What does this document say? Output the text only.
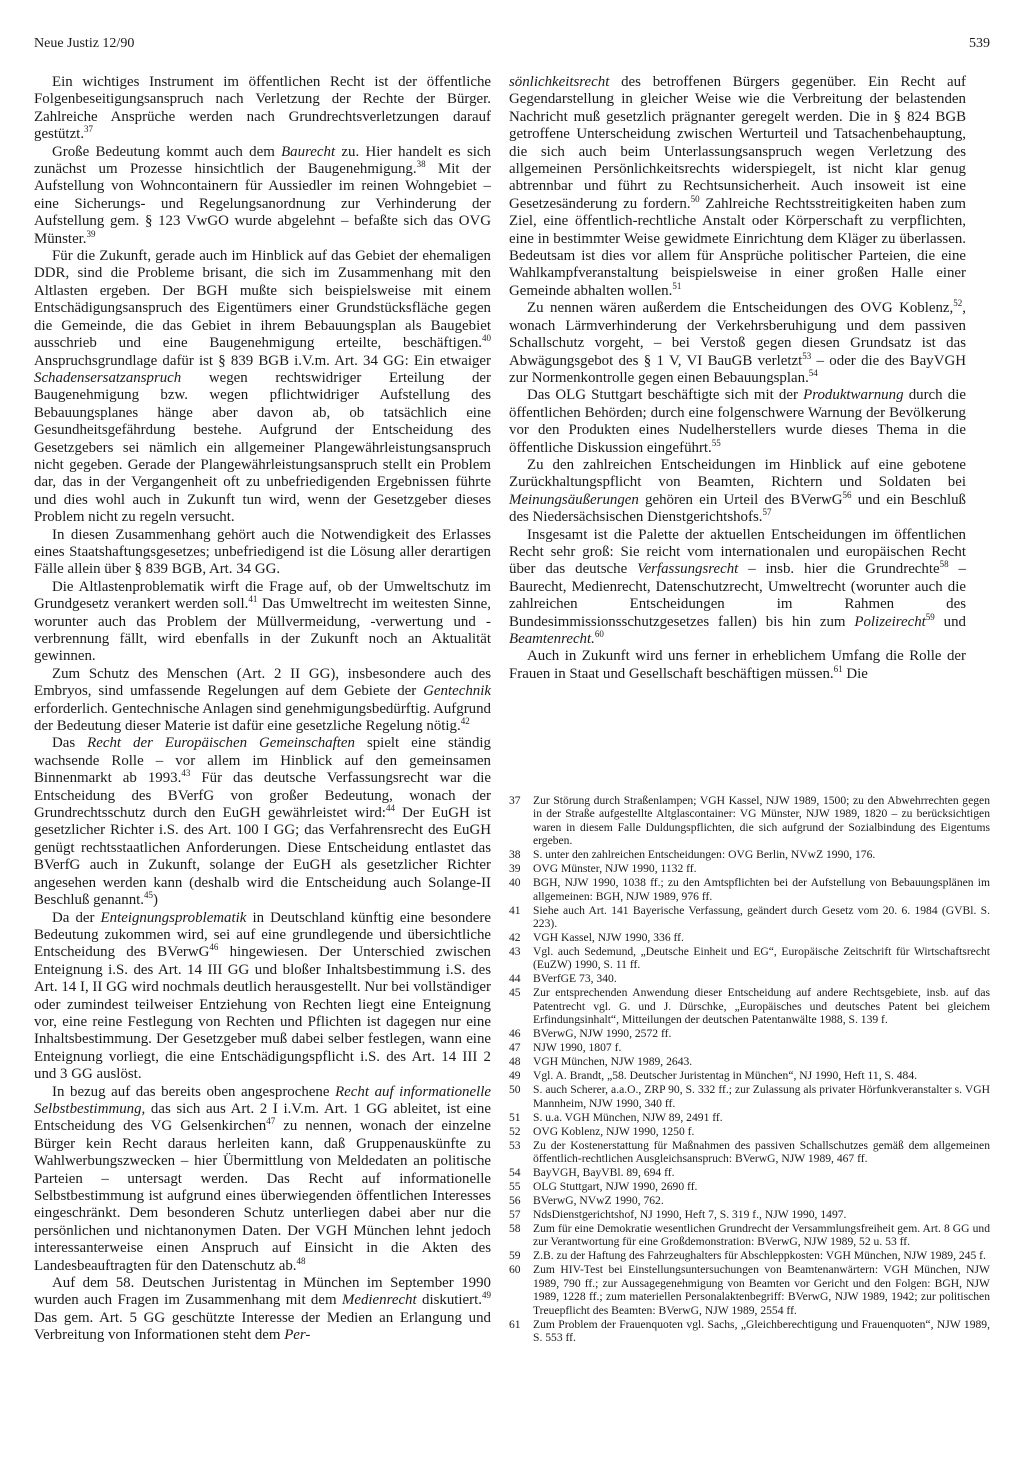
Neue Justiz 12/90	539

Ein wichtiges Instrument im öffentlichen Recht ist der öffentliche Folgenbeseitigungsanspruch nach Verletzung der Rechte der Bürger. Zahlreiche Ansprüche werden nach Grundrechtsverletzungen darauf gestützt.$^{37}$

Große Bedeutung kommt auch dem Baurecht zu. Hier handelt es sich zunächst um Prozesse hinsichtlich der Baugenehmigung.$^{38}$ Mit der Aufstellung von Wohncontainern für Aussiedler im reinen Wohngebiet – eine Sicherungs- und Regelungsanordnung zur Verhinderung der Aufstellung gem. § 123 VwGO wurde abgelehnt – befaßte sich das OVG Münster.$^{39}$

Für die Zukunft, gerade auch im Hinblick auf das Gebiet der ehemaligen DDR, sind die Probleme brisant, die sich im Zusammenhang mit den Altlasten ergeben. Der BGH mußte sich beispielsweise mit einem Entschädigungsanspruch des Eigentümers einer Grundstücksfläche gegen die Gemeinde, die das Gebiet in ihrem Bebauungsplan als Baugebiet ausschrieb und eine Baugenehmigung erteilte, beschäftigen.$^{40}$ Anspruchsgrundlage dafür ist § 839 BGB i.V.m. Art. 34 GG: Ein etwaiger Schadensersatzanspruch wegen rechtswidriger Erteilung der Baugenehmigung bzw. wegen pflichtwidriger Aufstellung des Bebauungsplanes hänge aber davon ab, ob tatsächlich eine Gesundheitsgefährdung bestehe. Aufgrund der Entscheidung des Gesetzgebers sei nämlich ein allgemeiner Plangewährleistungsanspruch nicht gegeben. Gerade der Plangewährleistungsanspruch stellt ein Problem dar, das in der Vergangenheit oft zu unbefriedigenden Ergebnissen führte und dies wohl auch in Zukunft tun wird, wenn der Gesetzgeber dieses Problem nicht zu regeln versucht.

In diesen Zusammenhang gehört auch die Notwendigkeit des Erlasses eines Staatshaftungsgesetzes; unbefriedigend ist die Lösung aller derartigen Fälle allein über § 839 BGB, Art. 34 GG.

Die Altlastenproblematik wirft die Frage auf, ob der Umweltschutz im Grundgesetz verankert werden soll.$^{41}$ Das Umweltrecht im weitesten Sinne, worunter auch das Problem der Müllvermeidung, -verwertung und -verbrennung fällt, wird ebenfalls in der Zukunft noch an Aktualität gewinnen.

Zum Schutz des Menschen (Art. 2 II GG), insbesondere auch des Embryos, sind umfassende Regelungen auf dem Gebiete der Gentechnik erforderlich. Gentechnische Anlagen sind genehmigungsbedürftig. Aufgrund der Bedeutung dieser Materie ist dafür eine gesetzliche Regelung nötig.$^{42}$

Das Recht der Europäischen Gemeinschaften spielt eine ständig wachsende Rolle – vor allem im Hinblick auf den gemeinsamen Binnenmarkt ab 1993.43 Für das deutsche Verfassungsrecht war die Entscheidung des BVerfG von großer Bedeutung, wonach der Grundrechtsschutz durch den EuGH gewährleistet wird:$^{44}$ Der EuGH ist gesetzlicher Richter i.S. des Art. 100 I GG; das Verfahrensrecht des EuGH genügt rechtsstaatlichen Anforderungen. Diese Entscheidung entlastet das BVerfG auch in Zukunft, solange der EuGH als gesetzlicher Richter angesehen werden kann (deshalb wird die Entscheidung auch Solange-II Beschluß genannt.$^{45}$)

Da der Enteignungsproblematik in Deutschland künftig eine besondere Bedeutung zukommen wird, sei auf eine grundlegende und übersichtliche Entscheidung des BVerwG$^{46}$ hingewiesen. Der Unterschied zwischen Enteignung i.S. des Art. 14 III GG und bloßer Inhaltsbestimmung i.S. des Art. 14 I, II GG wird nochmals deutlich herausgestellt. Nur bei vollständiger oder zumindest teilweiser Entziehung von Rechten liegt eine Enteignung vor, eine reine Festlegung von Rechten und Pflichten ist dagegen nur eine Inhaltsbestimmung. Der Gesetzgeber muß dabei selber festlegen, wann eine Enteignung vorliegt, die eine Entschädigungspflicht i.S. des Art. 14 III 2 und 3 GG auslöst.

In bezug auf das bereits oben angesprochene Recht auf informationelle Selbstbestimmung, das sich aus Art. 2 I i.V.m. Art. 1 GG ableitet, ist eine Entscheidung des VG Gelsenkirchen$^{47}$ zu nennen, wonach der einzelne Bürger kein Recht daraus herleiten kann, daß Gruppenauskünfte zu Wahlwerbungszwecken – hier Übermittlung von Meldedaten an politische Parteien – untersagt werden. Das Recht auf informationelle Selbstbestimmung ist aufgrund eines überwiegenden öffentlichen Interesses eingeschränkt. Dem besonderen Schutz unterliegen dabei aber nur die persönlichen und nichtanonymen Daten. Der VGH München lehnt jedoch interessanterweise einen Anspruch auf Einsicht in die Akten des Landesbeauftragten für den Datenschutz ab.$^{48}$

Auf dem 58. Deutschen Juristentag in München im September 1990 wurden auch Fragen im Zusammenhang mit dem Medienrecht diskutiert.$^{49}$ Das gem. Art. 5 GG geschützte Interesse der Medien an Erlangung und Verbreitung von Informationen steht dem Per-

sönlichkeitsrecht des betroffenen Bürgers gegenüber. Ein Recht auf Gegendarstellung in gleicher Weise wie die Verbreitung der belastenden Nachricht muß gesetzlich prägnanter geregelt werden. Die in § 824 BGB getroffene Unterscheidung zwischen Werturteil und Tatsachenbehauptung, die sich auch beim Unterlassungsanspruch wegen Verletzung des allgemeinen Persönlichkeitsrechts widerspiegelt, ist nicht klar genug abtrennbar und führt zu Rechtsunsicherheit. Auch insoweit ist eine Gesetzesänderung zu fordern.$^{50}$ Zahlreiche Rechtsstreitigkeiten haben zum Ziel, eine öffentlich-rechtliche Anstalt oder Körperschaft zu verpflichten, eine in bestimmter Weise gewidmete Einrichtung dem Kläger zu überlassen. Bedeutsam ist dies vor allem für Ansprüche politischer Parteien, die eine Wahlkampfveranstaltung beispielsweise in einer großen Halle einer Gemeinde abhalten wollen.$^{51}$

Zu nennen wären außerdem die Entscheidungen des OVG Koblenz,$^{52}$, wonach Lärmverhinderung der Verkehrsberuhigung und dem passiven Schallschutz vorgeht, – bei Verstoß gegen diesen Grundsatz ist das Abwägungsgebot des § 1 V, VI BauGB verletzt$^{53}$ – oder die des BayVGH zur Normenkontrolle gegen einen Bebauungsplan.$^{54}$

Das OLG Stuttgart beschäftigte sich mit der Produktwarnung durch die öffentlichen Behörden; durch eine folgenschwere Warnung der Bevölkerung vor den Produkten eines Nudelherstellers wurde dieses Thema in die öffentliche Diskussion eingeführt.$^{55}$

Zu den zahlreichen Entscheidungen im Hinblick auf eine gebotene Zurückhaltungspflicht von Beamten, Richtern und Soldaten bei Meinungsäußerungen gehören ein Urteil des BVerwG$^{56}$ und ein Beschluß des Niedersächsischen Dienstgerichtshofs.$^{57}$

Insgesamt ist die Palette der aktuellen Entscheidungen im öffentlichen Recht sehr groß: Sie reicht vom internationalen und europäischen Recht über das deutsche Verfassungsrecht – insb. hier die Grundrechte$^{58}$ – Baurecht, Medienrecht, Datenschutzrecht, Umweltrecht (worunter auch die zahlreichen Entscheidungen im Rahmen des Bundesimmissionsschutzgesetzes fallen) bis hin zum Polizeirecht$^{59}$ und Beamtenrecht.$^{60}$

Auch in Zukunft wird uns ferner in erheblichem Umfang die Rolle der Frauen in Staat und Gesellschaft beschäftigen müssen.$^{61}$ Die

37	Zur Störung durch Straßenlampen; VGH Kassel, NJW 1989, 1500; zu den Abwehrrechten gegen in der Straße aufgestellte Altglascontainer: VG Münster, NJW 1989, 1820 – zu berücksichtigen waren in diesem Falle Duldungspflichten, die sich aufgrund der Sozialbindung des Eigentums ergeben.
38	S. unter den zahlreichen Entscheidungen: OVG Berlin, NVwZ 1990, 176.
39	OVG Münster, NJW 1990, 1132 ff.
40	BGH, NJW 1990, 1038 ff.; zu den Amtspflichten bei der Aufstellung von Bebauungsplänen im allgemeinen: BGH, NJW 1989, 976 ff.
41	Siehe auch Art. 141 Bayerische Verfassung, geändert durch Gesetz vom 20. 6. 1984 (GVBl. S. 223).
42	VGH Kassel, NJW 1990, 336 ff.
43	Vgl. auch Sedemund, „Deutsche Einheit und EG“, Europäische Zeitschrift für Wirtschaftsrecht (EuZW) 1990, S. 11 ff.
44	BVerfGE 73, 340.
45	Zur entsprechenden Anwendung dieser Entscheidung auf andere Rechtsgebiete, insb. auf das Patentrecht vgl. G. und J. Dürschke, „Europäisches und deutsches Patent bei gleichem Erfindungsinhalt“, Mitteilungen der deutschen Patentanwälte 1988, S. 139 f.
46	BVerwG, NJW 1990, 2572 ff.
47	NJW 1990, 1807 f.
48	VGH München, NJW 1989, 2643.
49	Vgl. A. Brandt, „58. Deutscher Juristentag in München“, NJ 1990, Heft 11, S. 484.
50	S. auch Scherer, a.a.O., ZRP 90, S. 332 ff.; zur Zulassung als privater Hörfunkveranstalter s. VGH Mannheim, NJW 1990, 340 ff.
51	S. u.a. VGH München, NJW 89, 2491 ff.
52	OVG Koblenz, NJW 1990, 1250 f.
53	Zu der Kostenerstattung für Maßnahmen des passiven Schallschutzes gemäß dem allgemeinen öffentlich-rechtlichen Ausgleichsanspruch: BVerwG, NJW 1989, 467 ff.
54	BayVGH, BayVBl. 89, 694 ff.
55	OLG Stuttgart, NJW 1990, 2690 ff.
56	BVerwG, NVwZ 1990, 762.
57	NdsDienstgerichtshof, NJ 1990, Heft 7, S. 319 f., NJW 1990, 1497.
58	Zum für eine Demokratie wesentlichen Grundrecht der Versammlungsfreiheit gem. Art. 8 GG und zur Verantwortung für eine Großdemonstration: BVerwG, NJW 1989, 52 u. 53 ff.
59	Z.B. zu der Haftung des Fahrzeughalters für Abschleppkosten: VGH München, NJW 1989, 245 f.
60	Zum HIV-Test bei Einstellungsuntersuchungen von Beamtenanwärtern: VGH München, NJW 1989, 790 ff.; zur Aussagegenehmigung von Beamten vor Gericht und den Folgen: BGH, NJW 1989, 1228 ff.; zum materiellen Personalaktenbegriff: BVerwG, NJW 1989, 1942; zur politischen Treuepflicht des Beamten: BVerwG, NJW 1989, 2554 ff.
61	Zum Problem der Frauenquoten vgl. Sachs, „Gleichberechtigung und Frauenquoten“, NJW 1989, S. 553 ff.
